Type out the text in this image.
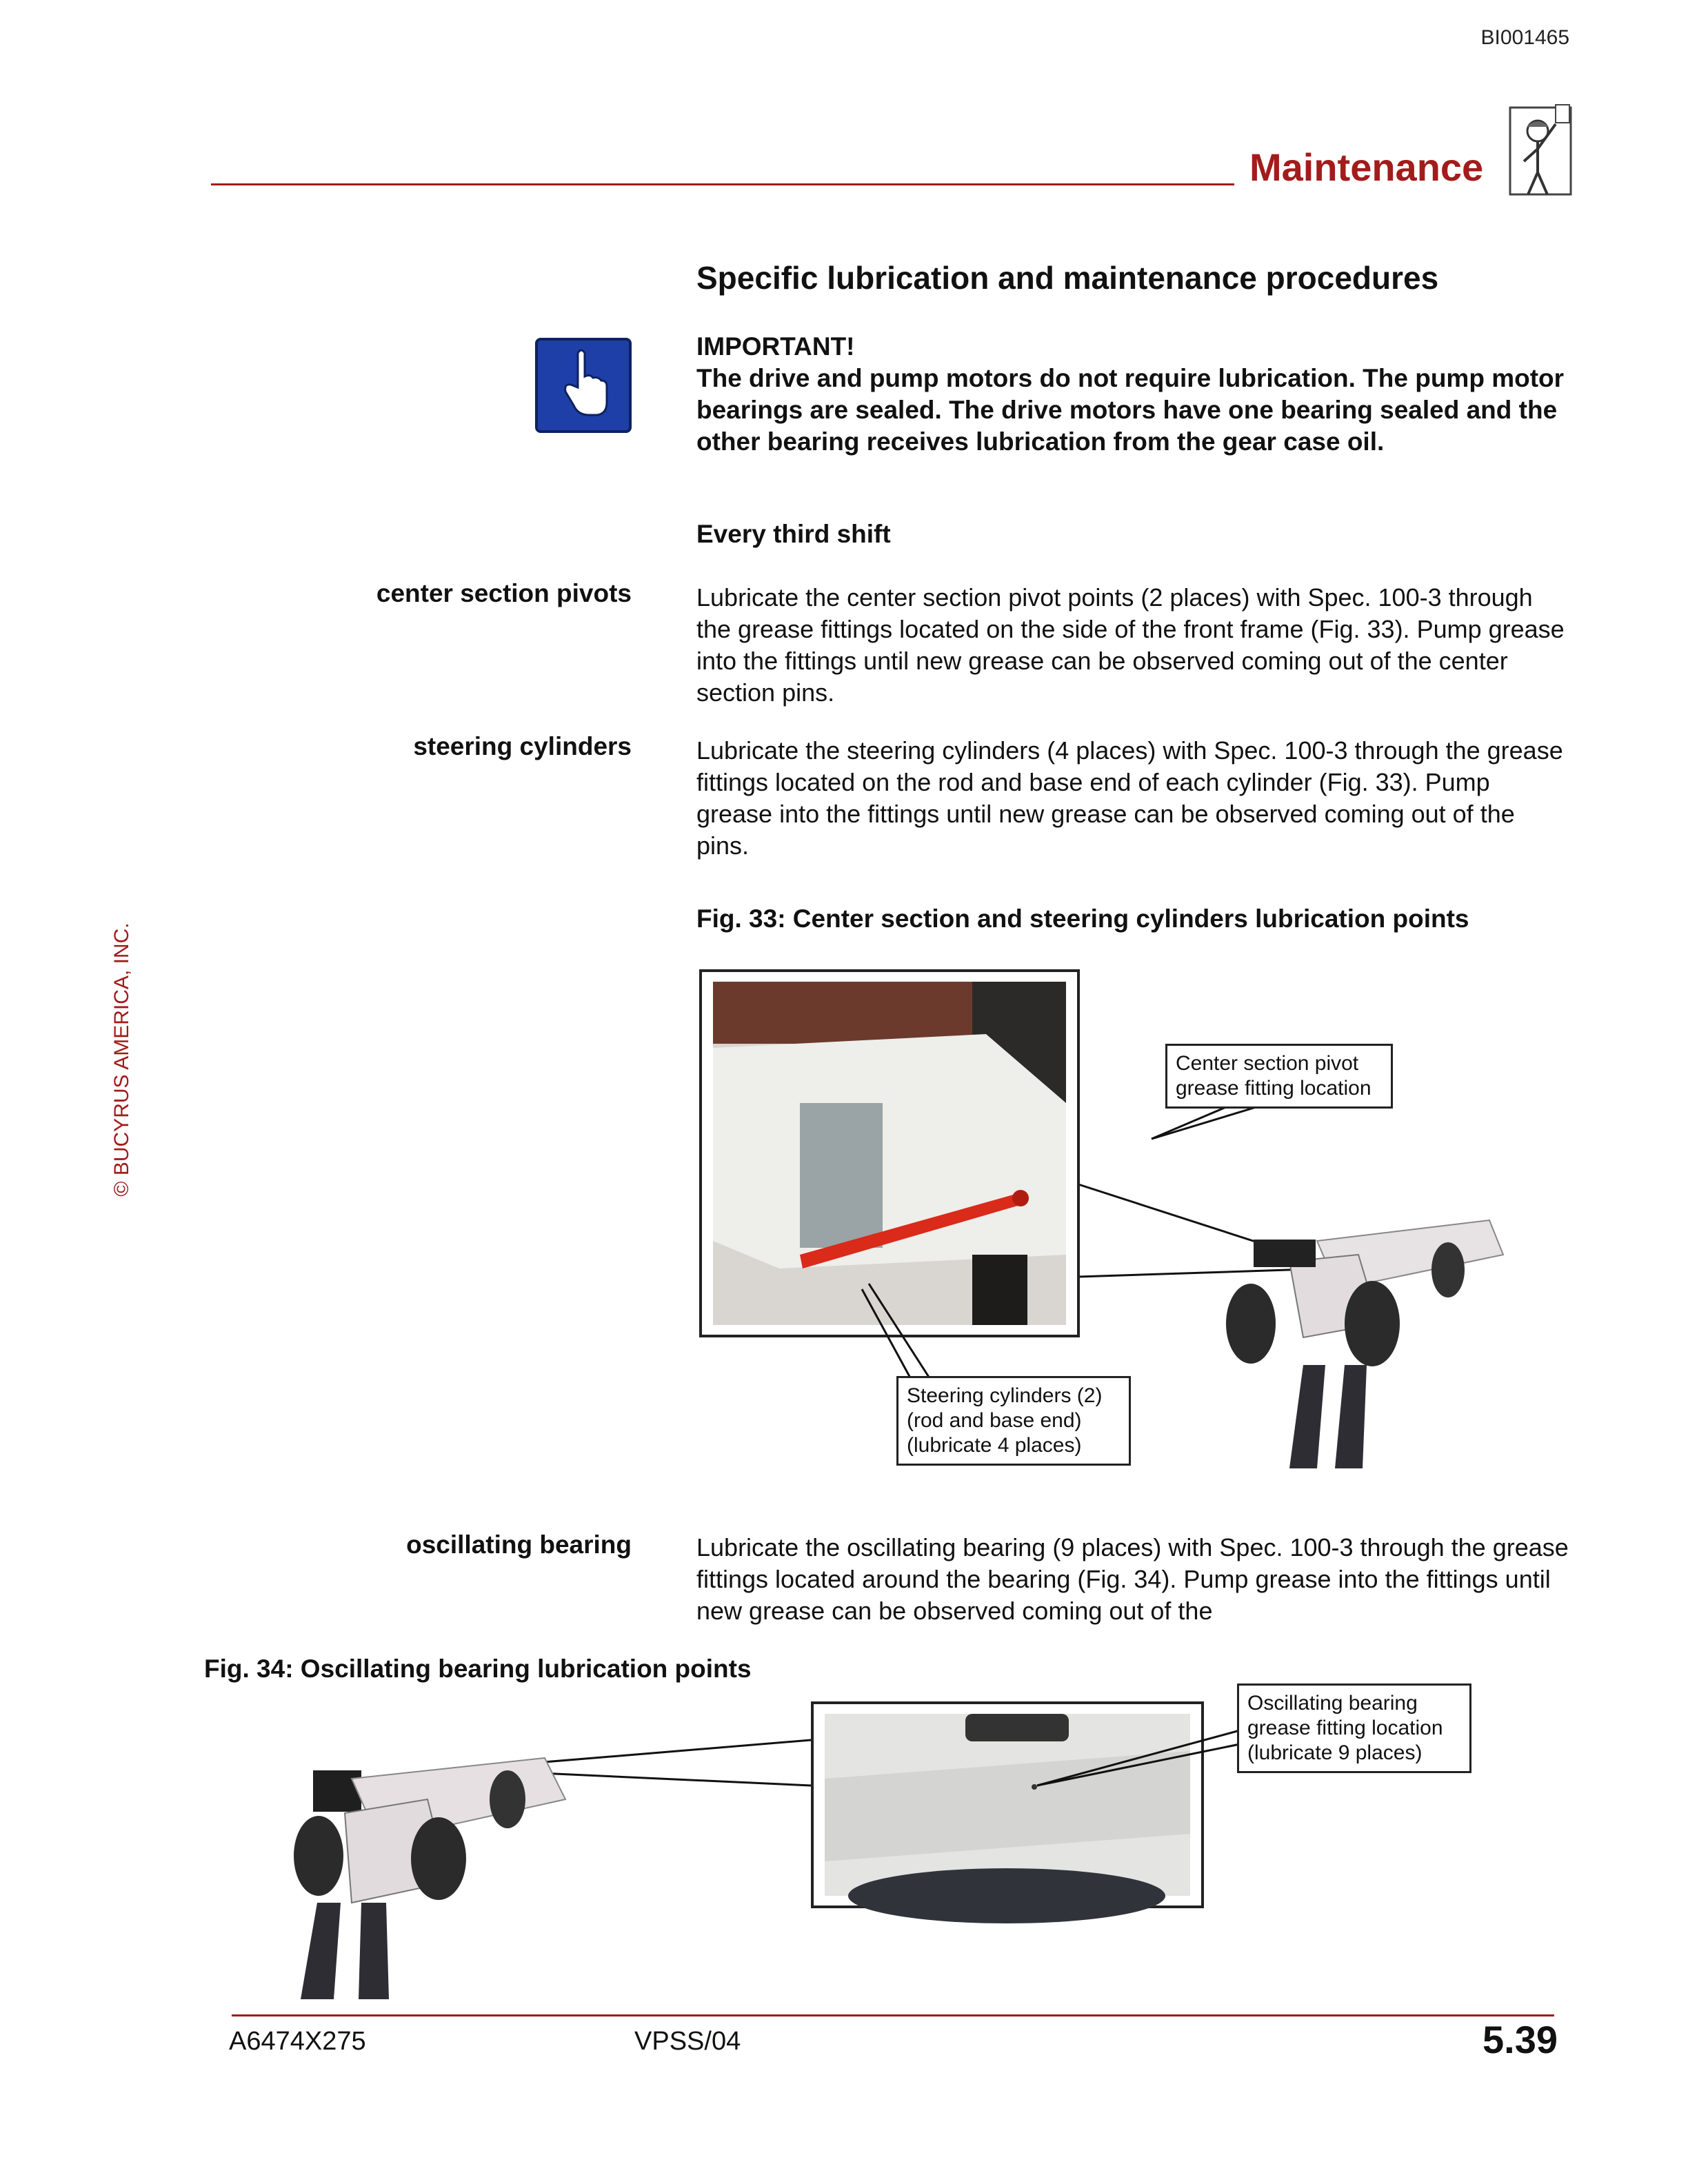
BI001465
Maintenance
© BUCYRUS AMERICA, INC.
Specific lubrication and maintenance procedures
IMPORTANT!
The drive and pump motors do not require lubrication. The pump motor bearings are sealed. The drive motors have one bearing sealed and the other bearing receives lubrication from the gear case oil.
Every third shift
center section pivots	Lubricate the center section pivot points (2 places) with Spec. 100-3 through the grease fittings located on the side of the front frame (Fig. 33). Pump grease into the fittings until new grease can be observed coming out of the center section pins.
steering cylinders	Lubricate the steering cylinders (4 places) with Spec. 100-3 through the grease fittings located on the rod and base end of each cylinder (Fig. 33). Pump grease into the fittings until new grease can be observed coming out of the pins.
Fig. 33: Center section and steering cylinders lubrication points
Center section pivot
grease fitting location
Steering cylinders (2)
(rod and base end)
(lubricate 4 places)
oscillating bearing	Lubricate the oscillating bearing (9 places) with Spec. 100-3 through the grease fittings located around the bearing (Fig. 34). Pump grease into the fittings until new grease can be observed coming out of the
Fig. 34: Oscillating bearing lubrication points
Oscillating bearing
grease fitting location
(lubricate 9 places)
A6474X275	VPSS/04	5.39
